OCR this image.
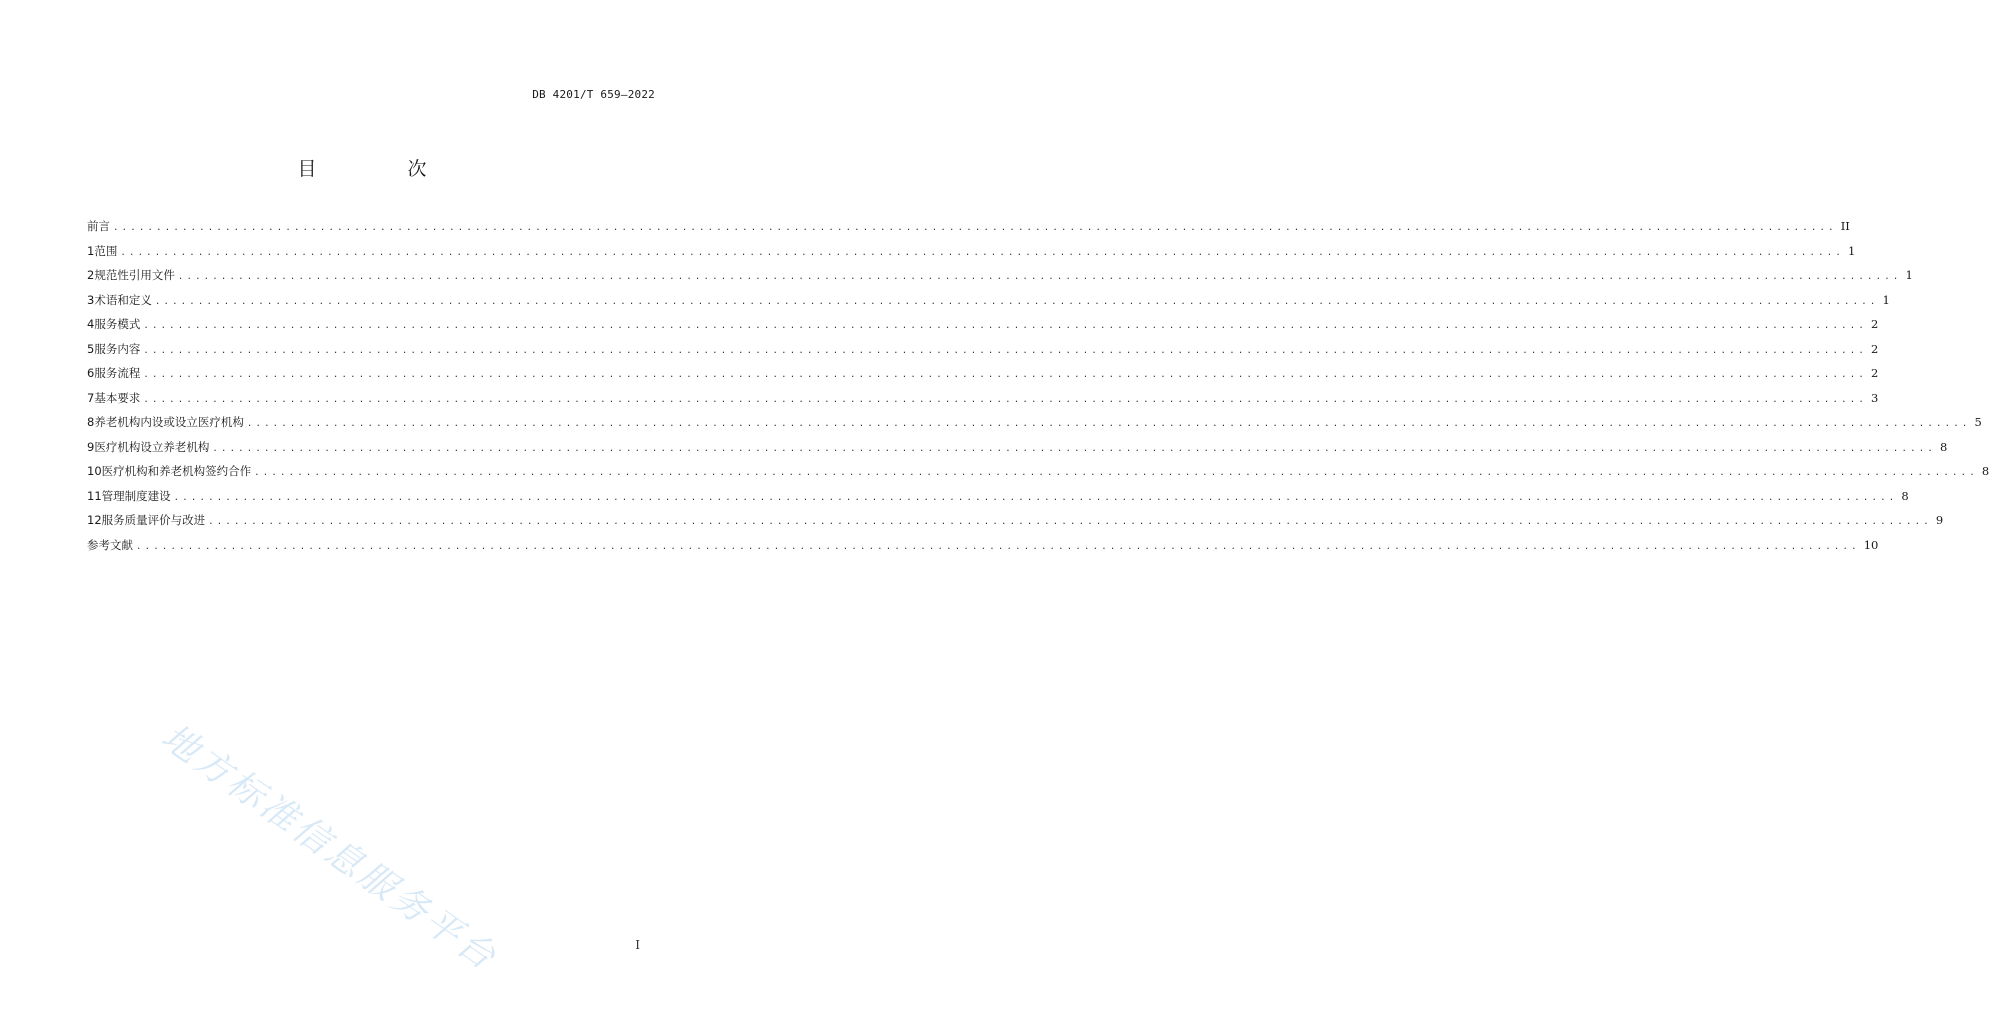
DB 4201/T 659—2022
目　次
前言 ........................................................................................................................................................................................................ II
1 范围 ........................................................................................................................................................................................................ 1
2 规范性引用文件 ........................................................................................................................................................................................................ 1
3 术语和定义 ........................................................................................................................................................................................................ 1
4 服务模式 ........................................................................................................................................................................................................ 2
5 服务内容 ........................................................................................................................................................................................................ 2
6 服务流程 ........................................................................................................................................................................................................ 2
7 基本要求 ........................................................................................................................................................................................................ 3
8 养老机构内设或设立医疗机构 ........................................................................................................................................................................................................ 5
9 医疗机构设立养老机构 ........................................................................................................................................................................................................ 8
10 医疗机构和养老机构签约合作 ........................................................................................................................................................................................................ 8
11 管理制度建设 ........................................................................................................................................................................................................ 8
12 服务质量评价与改进 ........................................................................................................................................................................................................ 9
参考文献 ........................................................................................................................................................................................................ 10
地方标准信息服务平台	I
